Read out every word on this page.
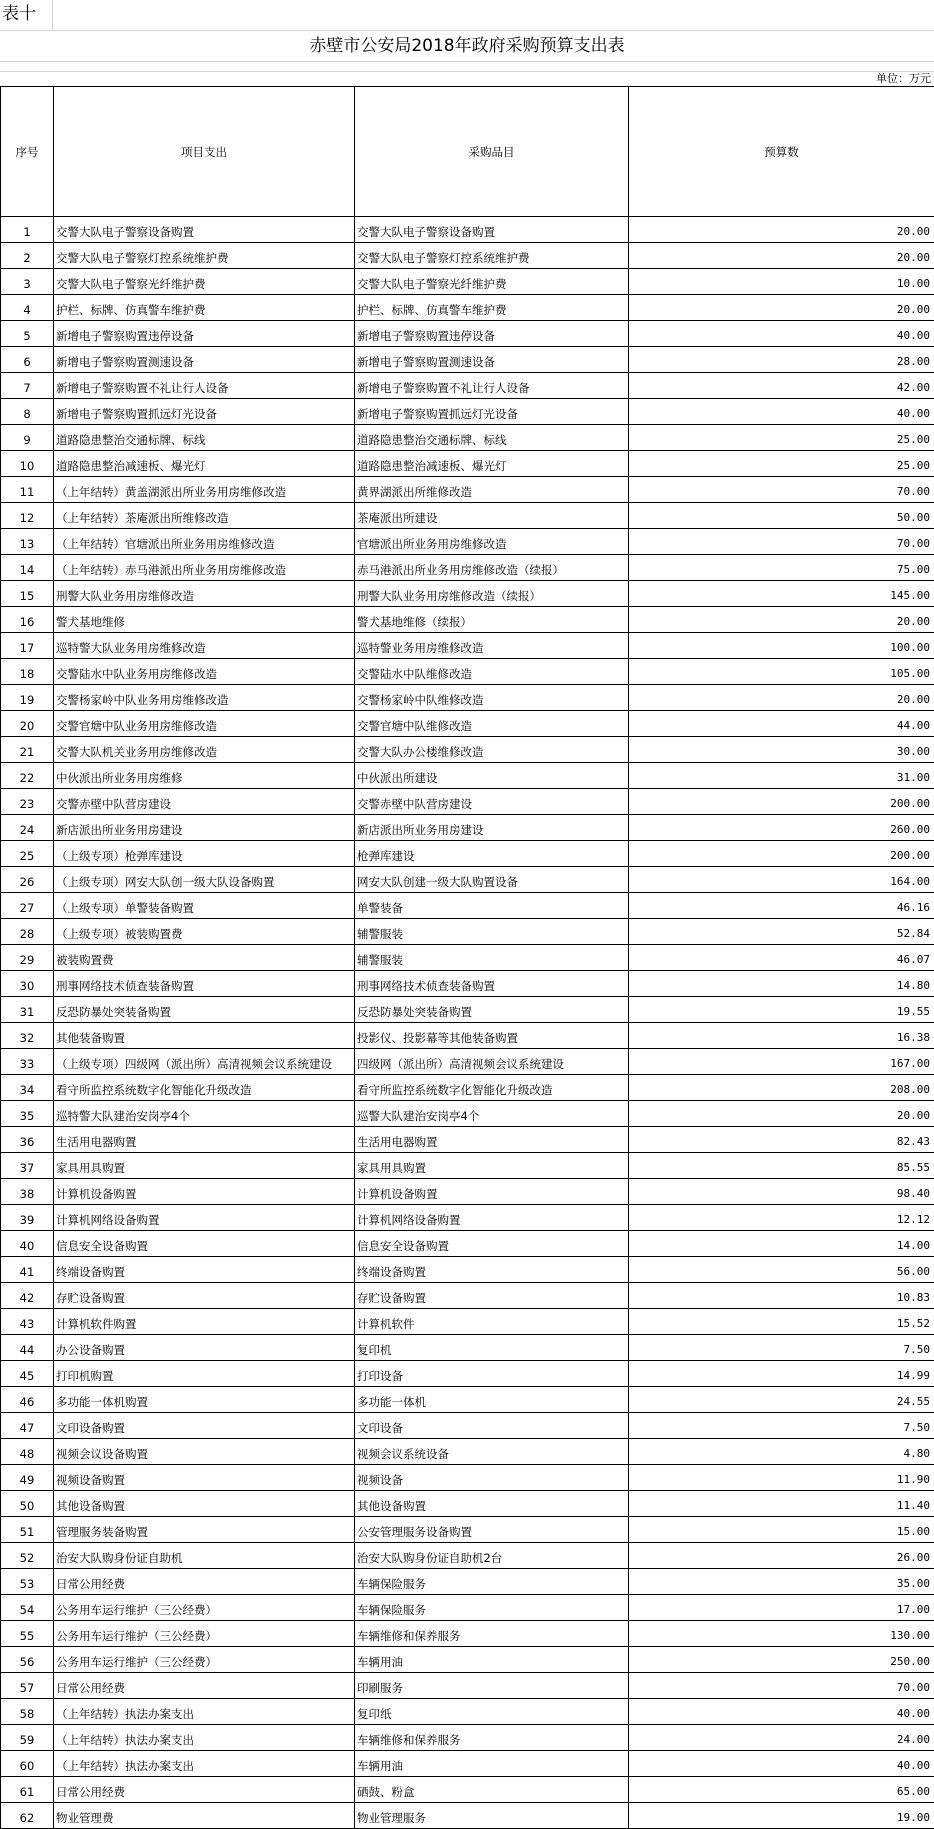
表十
赤壁市公安局2018年政府采购预算支出表
单位：万元
序号	项目支出	采购品目	预算数
1	交警大队电子警察设备购置	交警大队电子警察设备购置	20.00
2	交警大队电子警察灯控系统维护费	交警大队电子警察灯控系统维护费	20.00
3	交警大队电子警察光纤维护费	交警大队电子警察光纤维护费	10.00
4	护栏、标牌、仿真警车维护费	护栏、标牌、仿真警车维护费	20.00
5	新增电子警察购置违停设备	新增电子警察购置违停设备	40.00
6	新增电子警察购置测速设备	新增电子警察购置测速设备	28.00
7	新增电子警察购置不礼让行人设备	新增电子警察购置不礼让行人设备	42.00
8	新增电子警察购置抓远灯光设备	新增电子警察购置抓远灯光设备	40.00
9	道路隐患整治交通标牌、标线	道路隐患整治交通标牌、标线	25.00
10	道路隐患整治减速板、爆光灯	道路隐患整治减速板、爆光灯	25.00
11	（上年结转）黄盖湖派出所业务用房维修改造	黄界湖派出所维修改造	70.00
12	（上年结转）茶庵派出所维修改造	茶庵派出所建设	50.00
13	（上年结转）官塘派出所业务用房维修改造	官塘派出所业务用房维修改造	70.00
14	（上年结转）赤马港派出所业务用房维修改造	赤马港派出所业务用房维修改造（续报）	75.00
15	刑警大队业务用房维修改造	刑警大队业务用房维修改造（续报）	145.00
16	警犬基地维修	警犬基地维修（续报）	20.00
17	巡特警大队业务用房维修改造	巡特警业务用房维修改造	100.00
18	交警陆水中队业务用房维修改造	交警陆水中队维修改造	105.00
19	交警杨家岭中队业务用房维修改造	交警杨家岭中队维修改造	20.00
20	交警官塘中队业务用房维修改造	交警官塘中队维修改造	44.00
21	交警大队机关业务用房维修改造	交警大队办公楼维修改造	30.00
22	中伙派出所业务用房维修	中伙派出所建设	31.00
23	交警赤壁中队营房建设	交警赤壁中队营房建设	200.00
24	新店派出所业务用房建设	新店派出所业务用房建设	260.00
25	（上级专项）枪弹库建设	枪弹库建设	200.00
26	（上级专项）网安大队创一级大队设备购置	网安大队创建一级大队购置设备	164.00
27	（上级专项）单警装备购置	单警装备	46.16
28	（上级专项）被装购置费	辅警服装	52.84
29	被装购置费	辅警服装	46.07
30	刑事网络技术侦查装备购置	刑事网络技术侦查装备购置	14.80
31	反恐防暴处突装备购置	反恐防暴处突装备购置	19.55
32	其他装备购置	投影仪、投影幕等其他装备购置	16.38
33	（上级专项）四级网（派出所）高清视频会议系统建设	四级网（派出所）高清视频会议系统建设	167.00
34	看守所监控系统数字化智能化升级改造	看守所监控系统数字化智能化升级改造	208.00
35	巡特警大队建治安岗亭4个	巡警大队建治安岗亭4个	20.00
36	生活用电器购置	生活用电器购置	82.43
37	家具用具购置	家具用具购置	85.55
38	计算机设备购置	计算机设备购置	98.40
39	计算机网络设备购置	计算机网络设备购置	12.12
40	信息安全设备购置	信息安全设备购置	14.00
41	终端设备购置	终端设备购置	56.00
42	存贮设备购置	存贮设备购置	10.83
43	计算机软件购置	计算机软件	15.52
44	办公设备购置	复印机	7.50
45	打印机购置	打印设备	14.99
46	多功能一体机购置	多功能一体机	24.55
47	文印设备购置	文印设备	7.50
48	视频会议设备购置	视频会议系统设备	4.80
49	视频设备购置	视频设备	11.90
50	其他设备购置	其他设备购置	11.40
51	管理服务装备购置	公安管理服务设备购置	15.00
52	治安大队购身份证自助机	治安大队购身份证自助机2台	26.00
53	日常公用经费	车辆保险服务	35.00
54	公务用车运行维护（三公经费）	车辆保险服务	17.00
55	公务用车运行维护（三公经费）	车辆维修和保养服务	130.00
56	公务用车运行维护（三公经费）	车辆用油	250.00
57	日常公用经费	印刷服务	70.00
58	（上年结转）执法办案支出	复印纸	40.00
59	（上年结转）执法办案支出	车辆维修和保养服务	24.00
60	（上年结转）执法办案支出	车辆用油	40.00
61	日常公用经费	硒鼓、粉盒	65.00
62	物业管理费	物业管理服务	19.00
